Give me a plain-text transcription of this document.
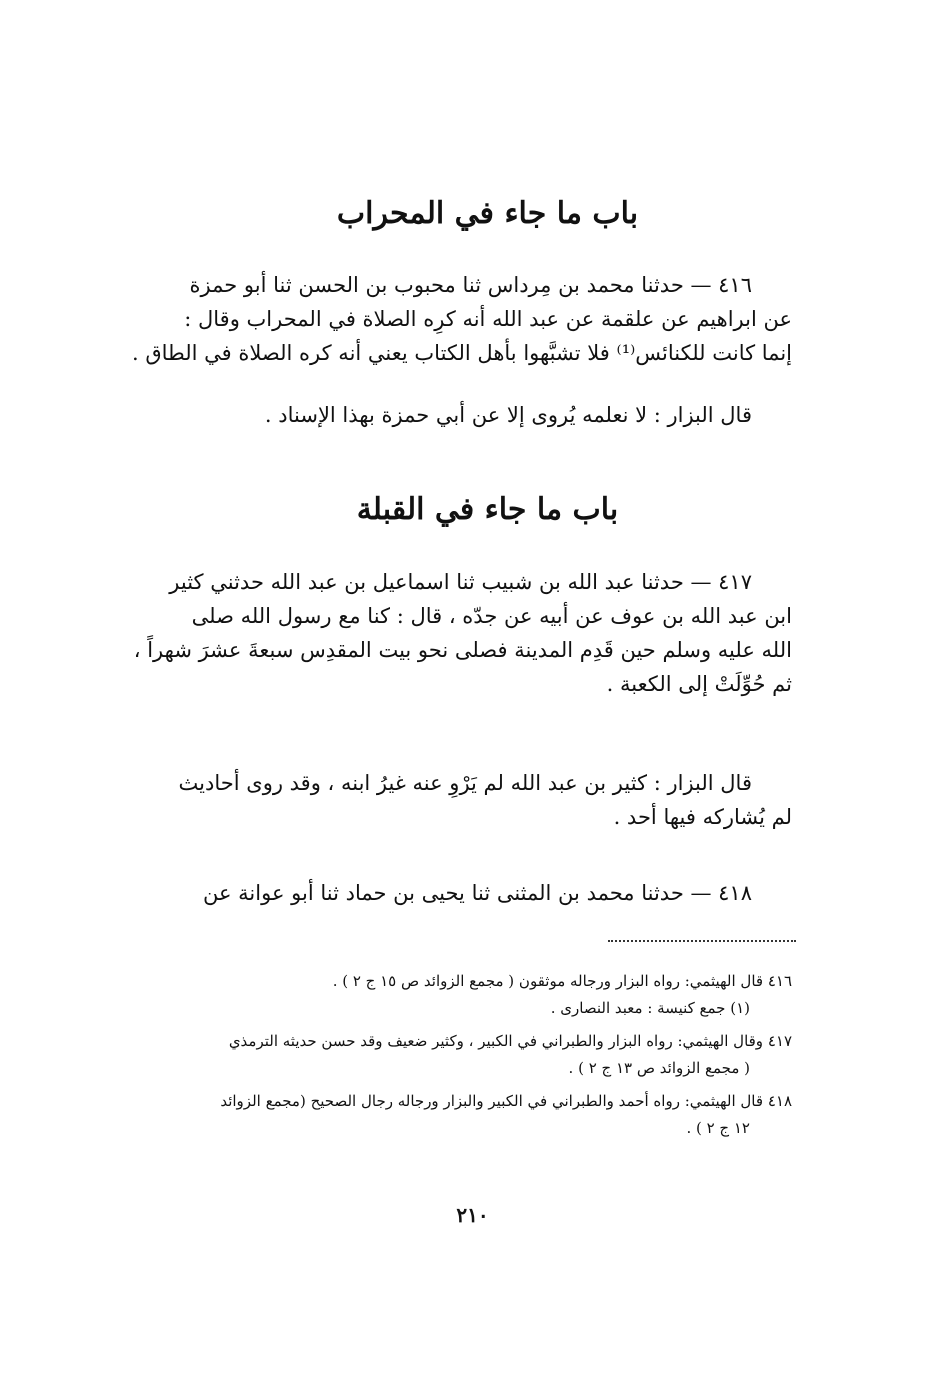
باب ما جاء في المحراب
٤١٦ — حدثنا محمد بن مِرداس ثنا محبوب بن الحسن ثنا أبو حمزة
عن ابراهيم عن علقمة عن عبد الله أنه كرِه الصلاة في المحراب وقال :
إنما كانت للكنائس⁽¹⁾ فلا تشبَّهوا بأهل الكتاب يعني أنه كره الصلاة في الطاق .
قال البزار : لا نعلمه يُروى إلا عن أبي حمزة بهذا الإسناد .
باب ما جاء في القبلة
٤١٧ — حدثنا عبد الله بن شبيب ثنا اسماعيل بن عبد الله حدثني كثير
ابن عبد الله بن عوف عن أبيه عن جدّه ، قال : كنا مع رسول الله صلى
الله عليه وسلم حين قَدِم المدينة فصلى نحو بيت المقدِس سبعةَ عشرَ شهراً ،
ثم حُوِّلَتْ إلى الكعبة .
قال البزار : كثير بن عبد الله لم يَرْوِ عنه غيرُ ابنه ، وقد روى أحاديث
لم يُشاركه فيها أحد .
٤١٨ — حدثنا محمد بن المثنى ثنا يحيى بن حماد ثنا أبو عوانة عن
٤١٦ قال الهيثمي: رواه البزار ورجاله موثقون ( مجمع الزوائد ص ١٥ ج ٢ ) .
(١) جمع كنيسة : معبد النصارى .
٤١٧ وقال الهيثمي: رواه البزار والطبراني في الكبير ، وكثير ضعيف وقد حسن حديثه الترمذي
( مجمع الزوائد ص ١٣ ج ٢ ) .
٤١٨ قال الهيثمي: رواه أحمد والطبراني في الكبير والبزار ورجاله رجال الصحيح (مجمع الزوائد
١٢ ج ٢ ) .
٢١٠
